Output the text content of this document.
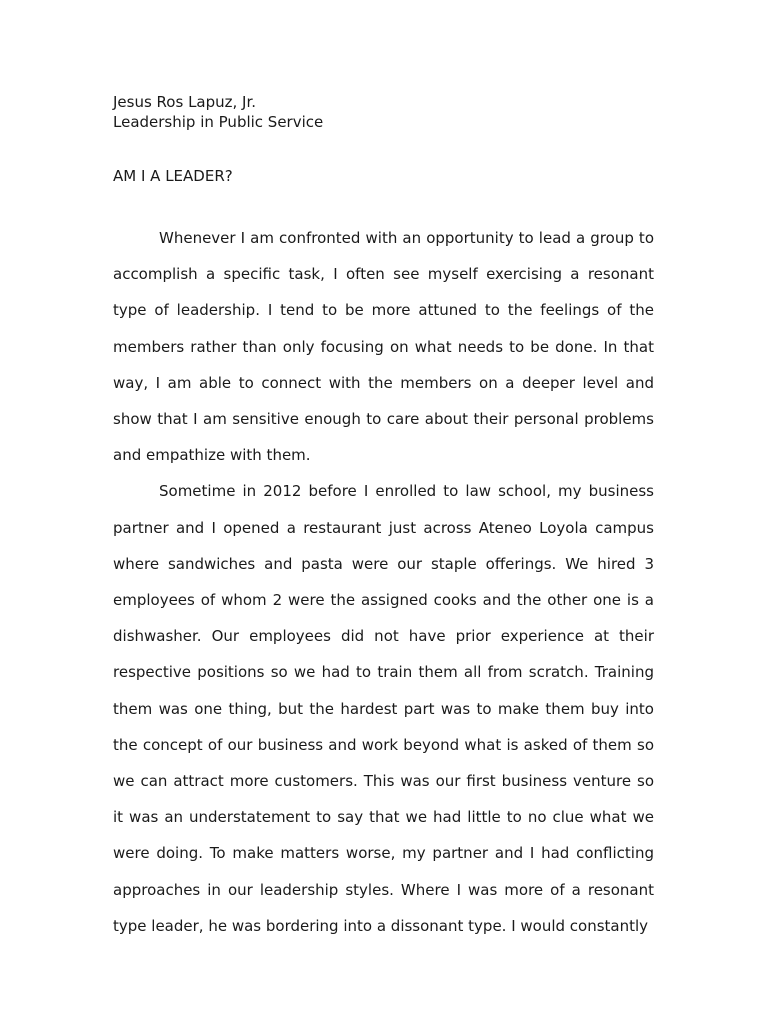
Jesus Ros Lapuz, Jr.

Leadership in Public Service

AM I A LEADER?

Whenever I am confronted with an opportunity to lead a group to accomplish a specific task, I often see myself exercising a resonant type of leadership. I tend to be more attuned to the feelings of the members rather than only focusing on what needs to be done. In that way, I am able to connect with the members on a deeper level and show that I am sensitive enough to care about their personal problems and empathize with them.

Sometime in 2012 before I enrolled to law school, my business partner and I opened a restaurant just across Ateneo Loyola campus where sandwiches and pasta were our staple offerings. We hired 3 employees of whom 2 were the assigned cooks and the other one is a dishwasher. Our employees did not have prior experience at their respective positions so we had to train them all from scratch. Training them was one thing, but the hardest part was to make them buy into the concept of our business and work beyond what is asked of them so we can attract more customers. This was our first business venture so it was an understatement to say that we had little to no clue what we were doing. To make matters worse, my partner and I had conflicting approaches in our leadership styles. Where I was more of a resonant type leader, he was bordering into a dissonant type. I would constantly
